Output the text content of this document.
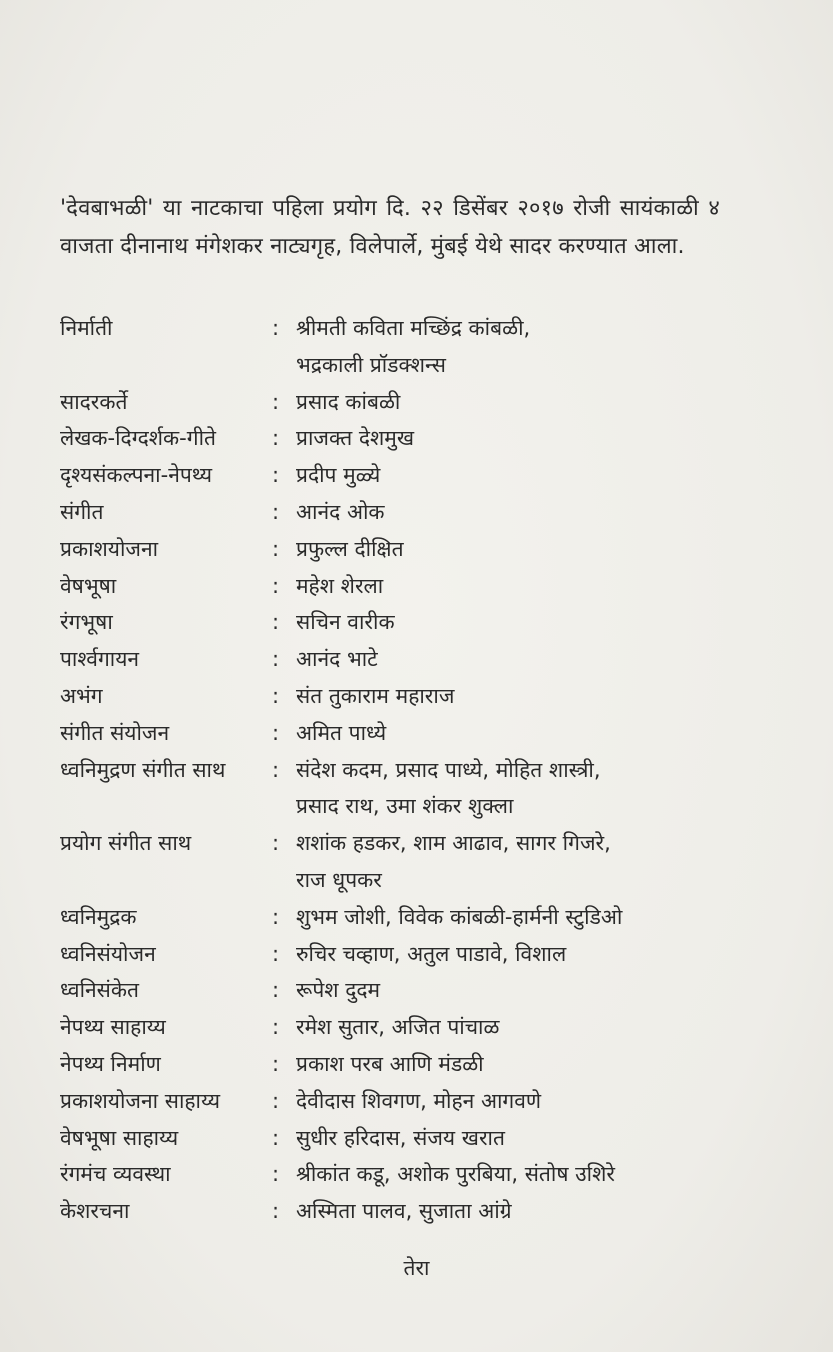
'देवबाभळी' या नाटकाचा पहिला प्रयोग दि. २२ डिसेंबर २०१७ रोजी सायंकाळी ४ वाजता दीनानाथ मंगेशकर नाट्यगृह, विलेपार्ले, मुंबई येथे सादर करण्यात आला.

निर्माती	: श्रीमती कविता मच्छिंद्र कांबळी,
भद्रकाली प्रॉडक्शन्स
सादरकर्ते	: प्रसाद कांबळी
लेखक-दिग्दर्शक-गीते	: प्राजक्त देशमुख
दृश्यसंकल्पना-नेपथ्य	: प्रदीप मुळ्ये
संगीत	: आनंद ओक
प्रकाशयोजना	: प्रफुल्ल दीक्षित
वेषभूषा	: महेश शेरला
रंगभूषा	: सचिन वारीक
पार्श्वगायन	: आनंद भाटे
अभंग	: संत तुकाराम महाराज
संगीत संयोजन	: अमित पाध्ये
ध्वनिमुद्रण संगीत साथ	: संदेश कदम, प्रसाद पाध्ये, मोहित शास्त्री,
प्रसाद राथ, उमा शंकर शुक्ला
प्रयोग संगीत साथ	: शशांक हडकर, शाम आढाव, सागर गिजरे,
राज धूपकर
ध्वनिमुद्रक	: शुभम जोशी, विवेक कांबळी-हार्मनी स्टुडिओ
ध्वनिसंयोजन	: रुचिर चव्हाण, अतुल पाडावे, विशाल
ध्वनिसंकेत	: रूपेश दुदम
नेपथ्य साहाय्य	: रमेश सुतार, अजित पांचाळ
नेपथ्य निर्माण	: प्रकाश परब आणि मंडळी
प्रकाशयोजना साहाय्य	: देवीदास शिवगण, मोहन आगवणे
वेषभूषा साहाय्य	: सुधीर हरिदास, संजय खरात
रंगमंच व्यवस्था	: श्रीकांत कडू, अशोक पुरबिया, संतोष उशिरे
केशरचना	: अस्मिता पालव, सुजाता आंग्रे
तेरा
